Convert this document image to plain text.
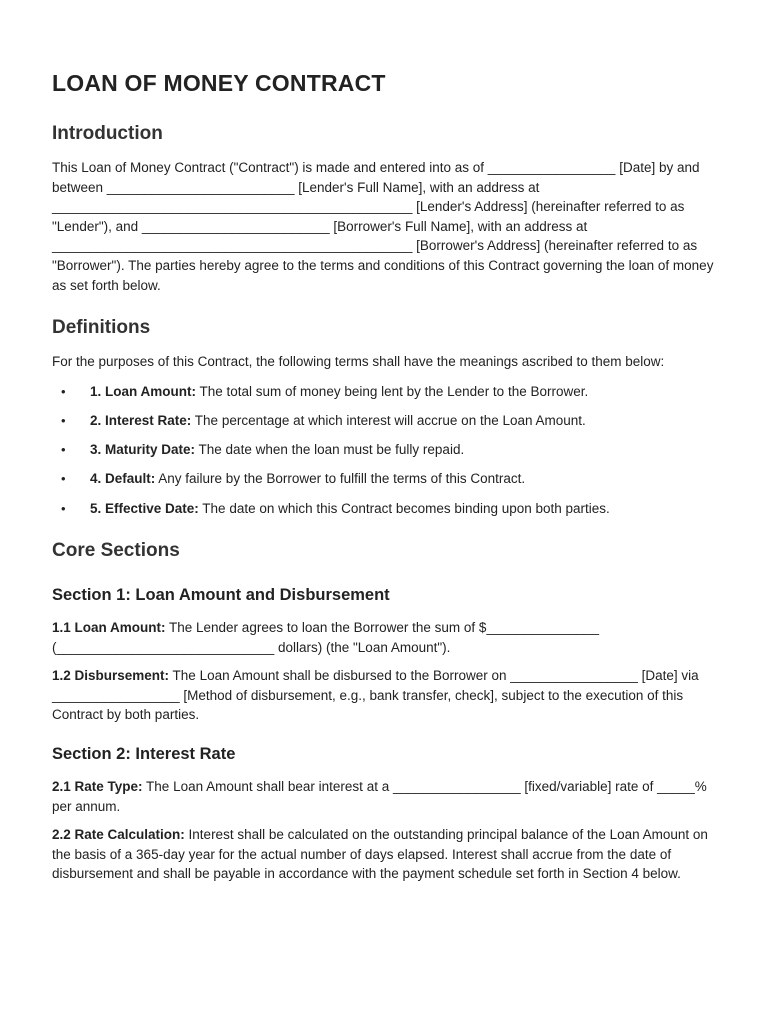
LOAN OF MONEY CONTRACT
Introduction

This Loan of Money Contract ("Contract") is made and entered into as of _________________ [Date] by and between _________________________ [Lender's Full Name], with an address at ________________________________________________ [Lender's Address] (hereinafter referred to as "Lender"), and _________________________ [Borrower's Full Name], with an address at ________________________________________________ [Borrower's Address] (hereinafter referred to as "Borrower"). The parties hereby agree to the terms and conditions of this Contract governing the loan of money as set forth below.

Definitions

For the purposes of this Contract, the following terms shall have the meanings ascribed to them below:

• 1. Loan Amount: The total sum of money being lent by the Lender to the Borrower.
• 2. Interest Rate: The percentage at which interest will accrue on the Loan Amount.
• 3. Maturity Date: The date when the loan must be fully repaid.
• 4. Default: Any failure by the Borrower to fulfill the terms of this Contract.
• 5. Effective Date: The date on which this Contract becomes binding upon both parties.
Core Sections
Section 1: Loan Amount and Disbursement

1.1 Loan Amount: The Lender agrees to loan the Borrower the sum of $_______________ (_____________________________ dollars) (the "Loan Amount").

1.2 Disbursement: The Loan Amount shall be disbursed to the Borrower on _________________ [Date] via _________________ [Method of disbursement, e.g., bank transfer, check], subject to the execution of this Contract by both parties.

Section 2: Interest Rate

2.1 Rate Type: The Loan Amount shall bear interest at a _________________ [fixed/variable] rate of _____% per annum.

2.2 Rate Calculation: Interest shall be calculated on the outstanding principal balance of the Loan Amount on the basis of a 365-day year for the actual number of days elapsed. Interest shall accrue from the date of disbursement and shall be payable in accordance with the payment schedule set forth in Section 4 below.
